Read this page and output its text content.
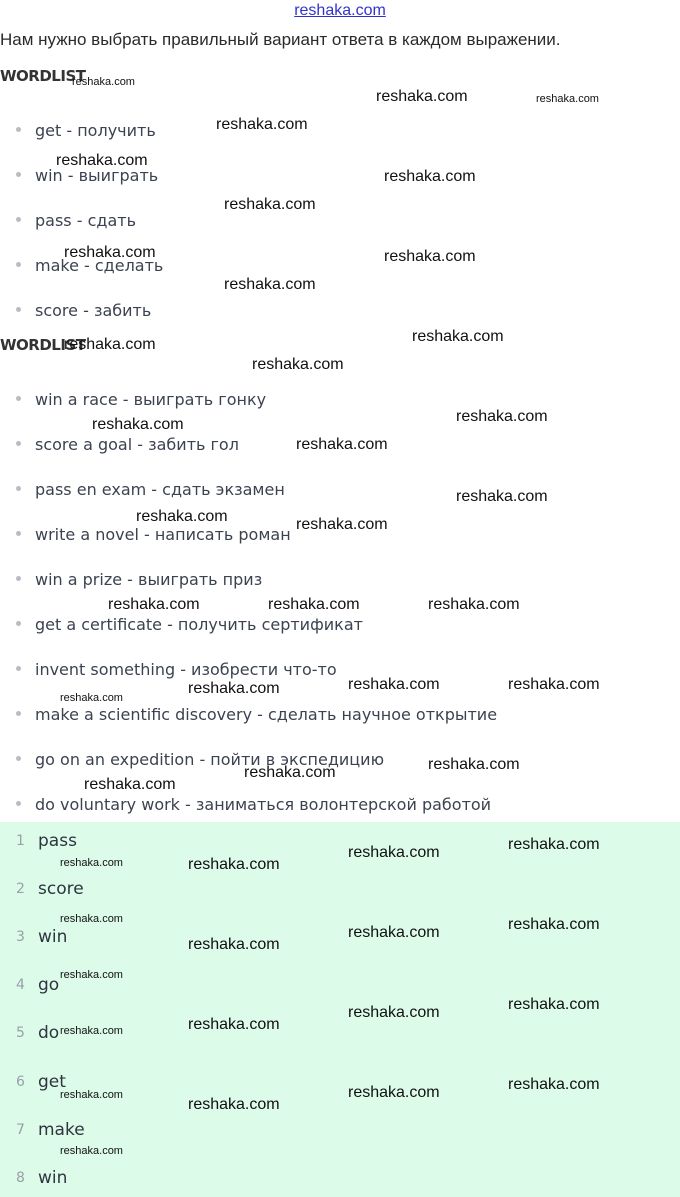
reshaka.com
Нам нужно выбрать правильный вариант ответа в каждом выражении.
WORDLIST
get - получить
win - выиграть
pass - сдать
make - сделать
score - забить
WORDLIST
win a race - выиграть гонку
score a goal - забить гол
pass en exam - сдать экзамен
write a novel - написать роман
win a prize - выиграть приз
get a certificate - получить сертификат
invent something - изобрести что-то
make a scientific discovery - сделать научное открытие
go on an expedition - пойти в экспедицию
do voluntary work - заниматься волонтерской работой
1 pass
2 score
3 win
4 go
5 do
6 get
7 make
8 win
reshaka.com
reshaka.com	reshaka.com
reshaka.com
reshaka.com
reshaka.com
reshaka.com
reshaka.com	reshaka.com
reshaka.com
reshaka.com
reshaka.com
reshaka.com
reshaka.com
reshaka.com
reshaka.com
reshaka.com
reshaka.com	reshaka.com
reshaka.com	reshaka.com	reshaka.com
reshaka.com	reshaka.com
reshaka.com
reshaka.com
reshaka.com
reshaka.com
reshaka.com
reshaka.com
reshaka.com
reshaka.com	reshaka.com
reshaka.com	reshaka.com
reshaka.com
reshaka.com
reshaka.com
reshaka.com
reshaka.com
reshaka.com
reshaka.com
reshaka.com
reshaka.com
reshaka.com
reshaka.com
reshaka.com
